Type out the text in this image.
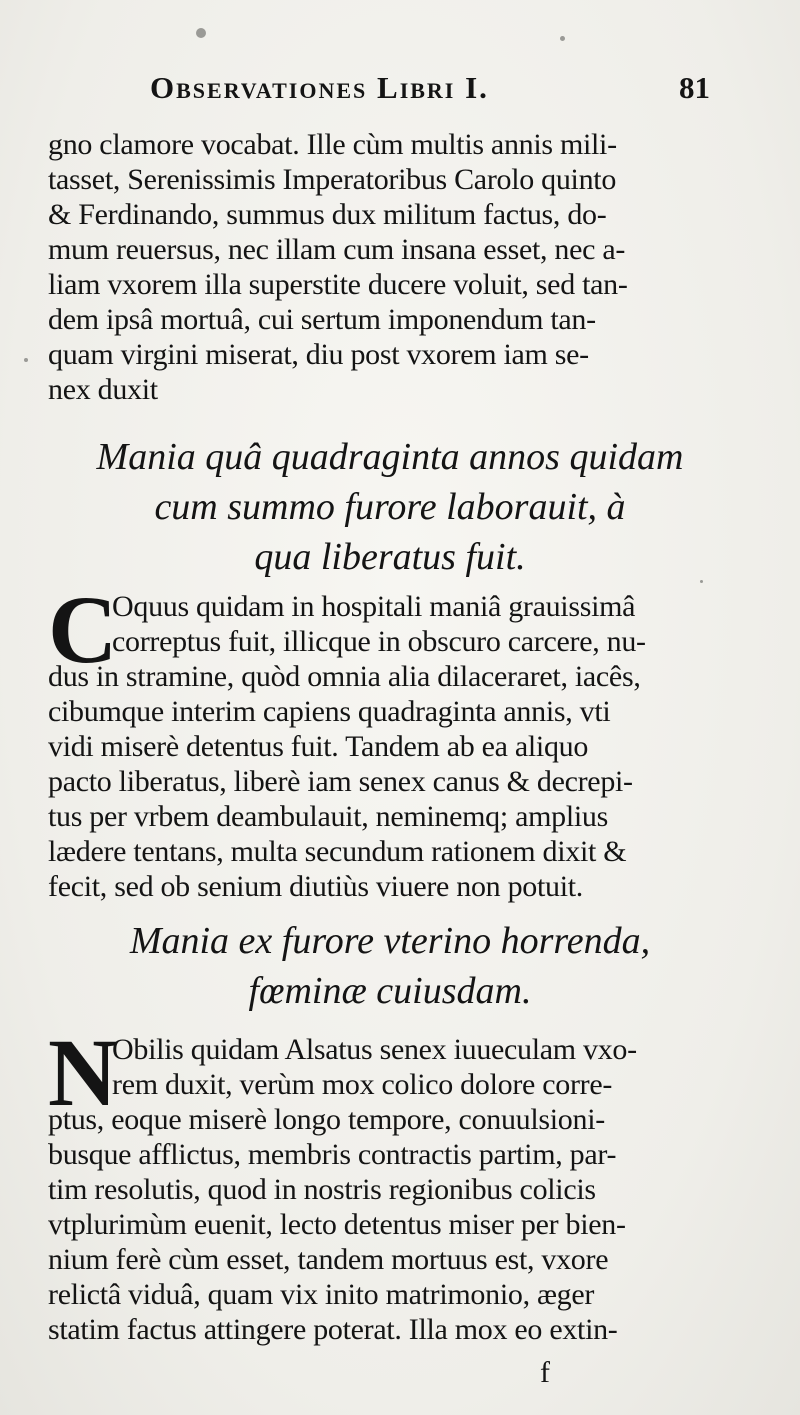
Observationes Libri I.	81
gno clamore vocabat. Ille cùm multis annis mili-
tasset, Serenissimis Imperatoribus Carolo quinto
& Ferdinando, summus dux militum factus, do-
mum reuersus, nec illam cum insana esset, nec a-
liam vxorem illa superstite ducere voluit, sed tan-
dem ipsâ mortuâ, cui sertum imponendum tan-
quam virgini miserat, diu post vxorem iam se-
nex duxit
Mania quâ quadraginta annos quidam
cum summo furore laborauit, à
qua liberatus fuit.
C
Oquus quidam in hospitali maniâ grauissimâ
correptus fuit, illicque in obscuro carcere, nu-
dus in stramine, quòd omnia alia dilaceraret, iacês,
cibumque interim capiens quadraginta annis, vti
vidi miserè detentus fuit. Tandem ab ea aliquo
pacto liberatus, liberè iam senex canus & decrepi-
tus per vrbem deambulauit, neminemq; amplius
lædere tentans, multa secundum rationem dixit &
fecit, sed ob senium diutiùs viuere non potuit.
Mania ex furore vterino horrenda,
fœminæ cuiusdam.
N
Obilis quidam Alsatus senex iuueculam vxo-
rem duxit, verùm mox colico dolore corre-
ptus, eoque miserè longo tempore, conuulsioni-
busque afflictus, membris contractis partim, par-
tim resolutis, quod in nostris regionibus colicis
vtplurimùm euenit, lecto detentus miser per bien-
nium ferè cùm esset, tandem mortuus est, vxore
relictâ viduâ, quam vix inito matrimonio, æger
statim factus attingere poterat. Illa mox eo extin-
f
